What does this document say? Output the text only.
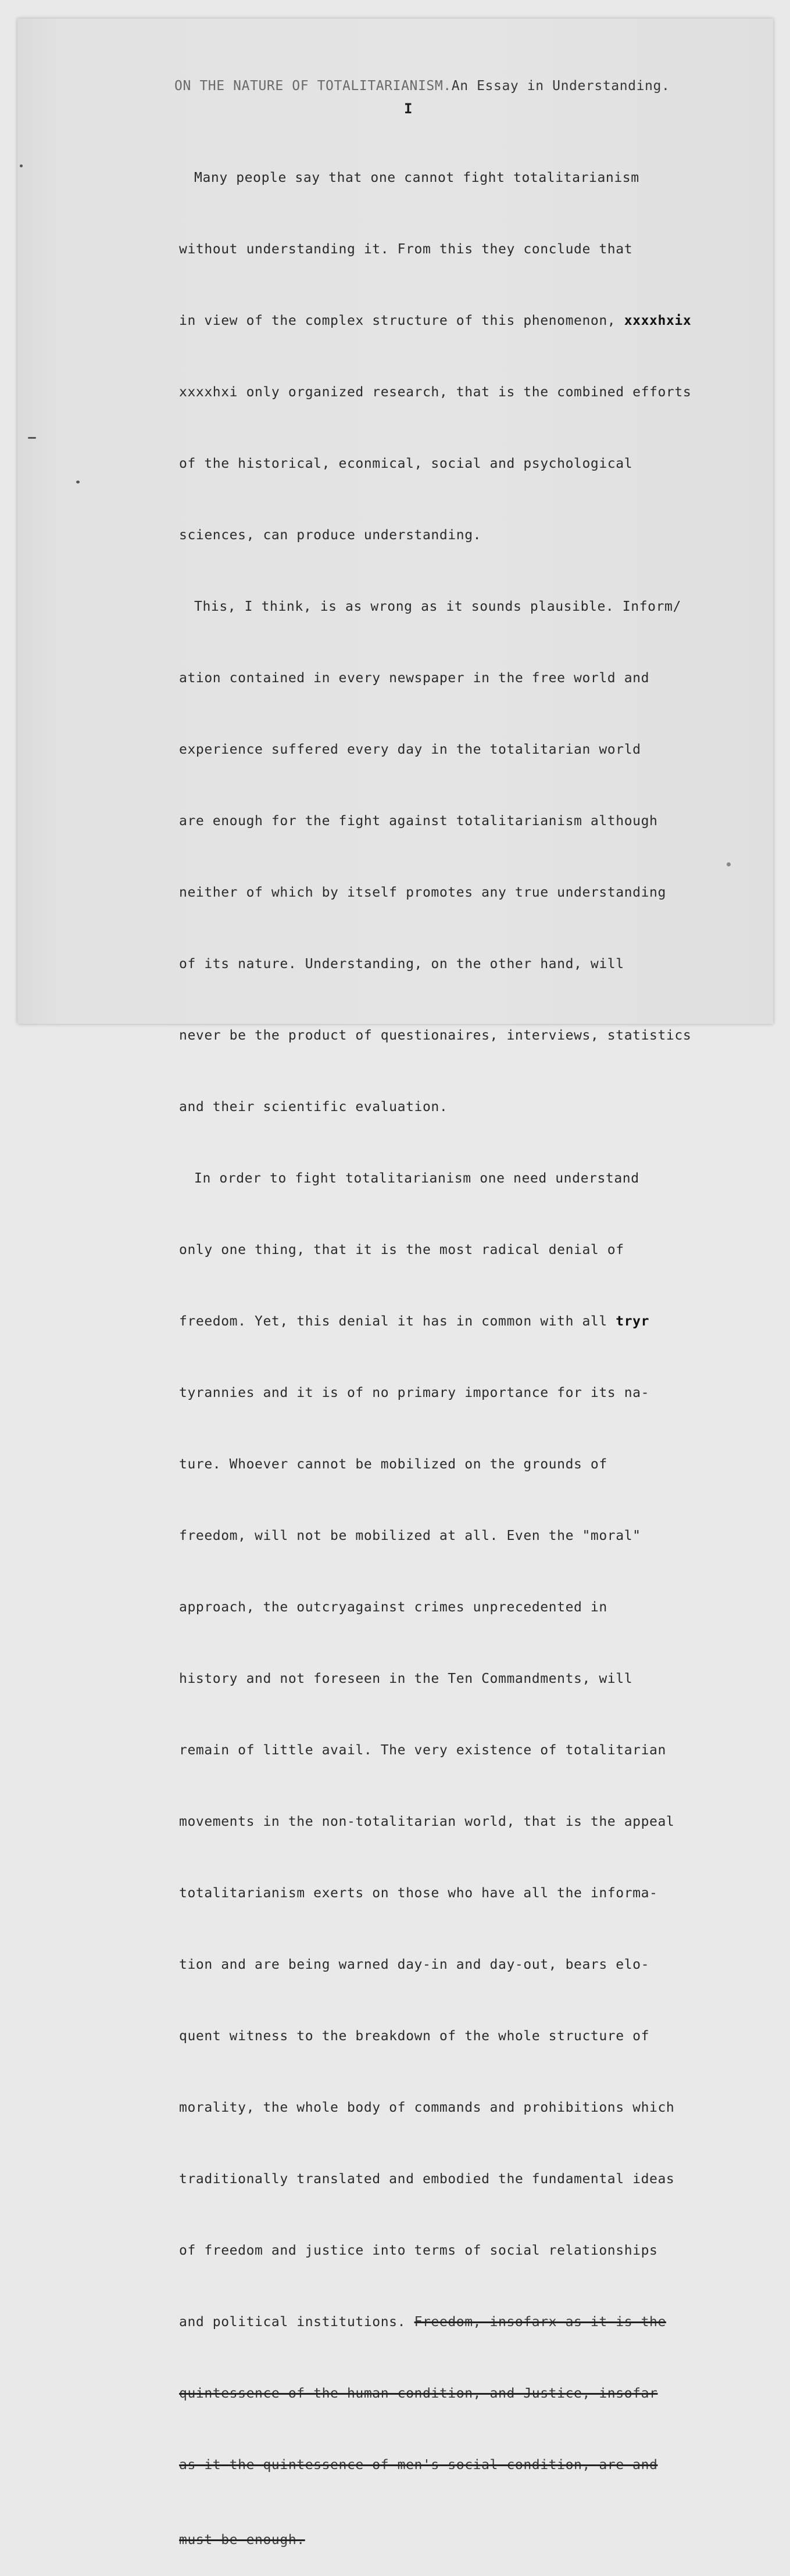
ON THE NATURE OF TOTALITARIANISM.An Essay in Understanding.
I

Many people say that one cannot fight totalitarianism

without understanding it. From this they conclude that

in view of the complex structure of this phenomenon, xxxxhxix

xxxxhxi only organized research, that is the combined efforts

of the historical, econmical, social and psychological

sciences, can produce understanding.

This, I think, is as wrong as it sounds plausible. Inform/

ation contained in every newspaper in the free world and

experience suffered every day in the totalitarian world

are enough for the fight against totalitarianism although

neither of which by itself promotes any true understanding

of its nature. Understanding, on the other hand, will

never be the product of questionaires, interviews, statistics

and their scientific evaluation.

In order to fight totalitarianism one need understand

only one thing, that it is the most radical denial of

freedom. Yet, this denial it has in common with all tryr

tyrannies and it is of no primary importance for its na-

ture. Whoever cannot be mobilized on the grounds of

freedom, will not be mobilized at all. Even the "moral"

approach, the outcryagainst crimes unprecedented in

history and not foreseen in the Ten Commandments, will

remain of little avail. The very existence of totalitarian

movements in the non-totalitarian world, that is the appeal

totalitarianism exerts on those who have all the informa-

tion and are being warned day-in and day-out, bears elo-

quent witness to the breakdown of the whole structure of

morality, the whole body of commands and prohibitions which

traditionally translated and embodied the fundamental ideas

of freedom and justice into terms of social relationships

and political institutions. Freedom, insofarx as it is the

quintessence of the human condition, and Justice, insofar

as it the quintessence of men's social condition, are and

must be enough.
